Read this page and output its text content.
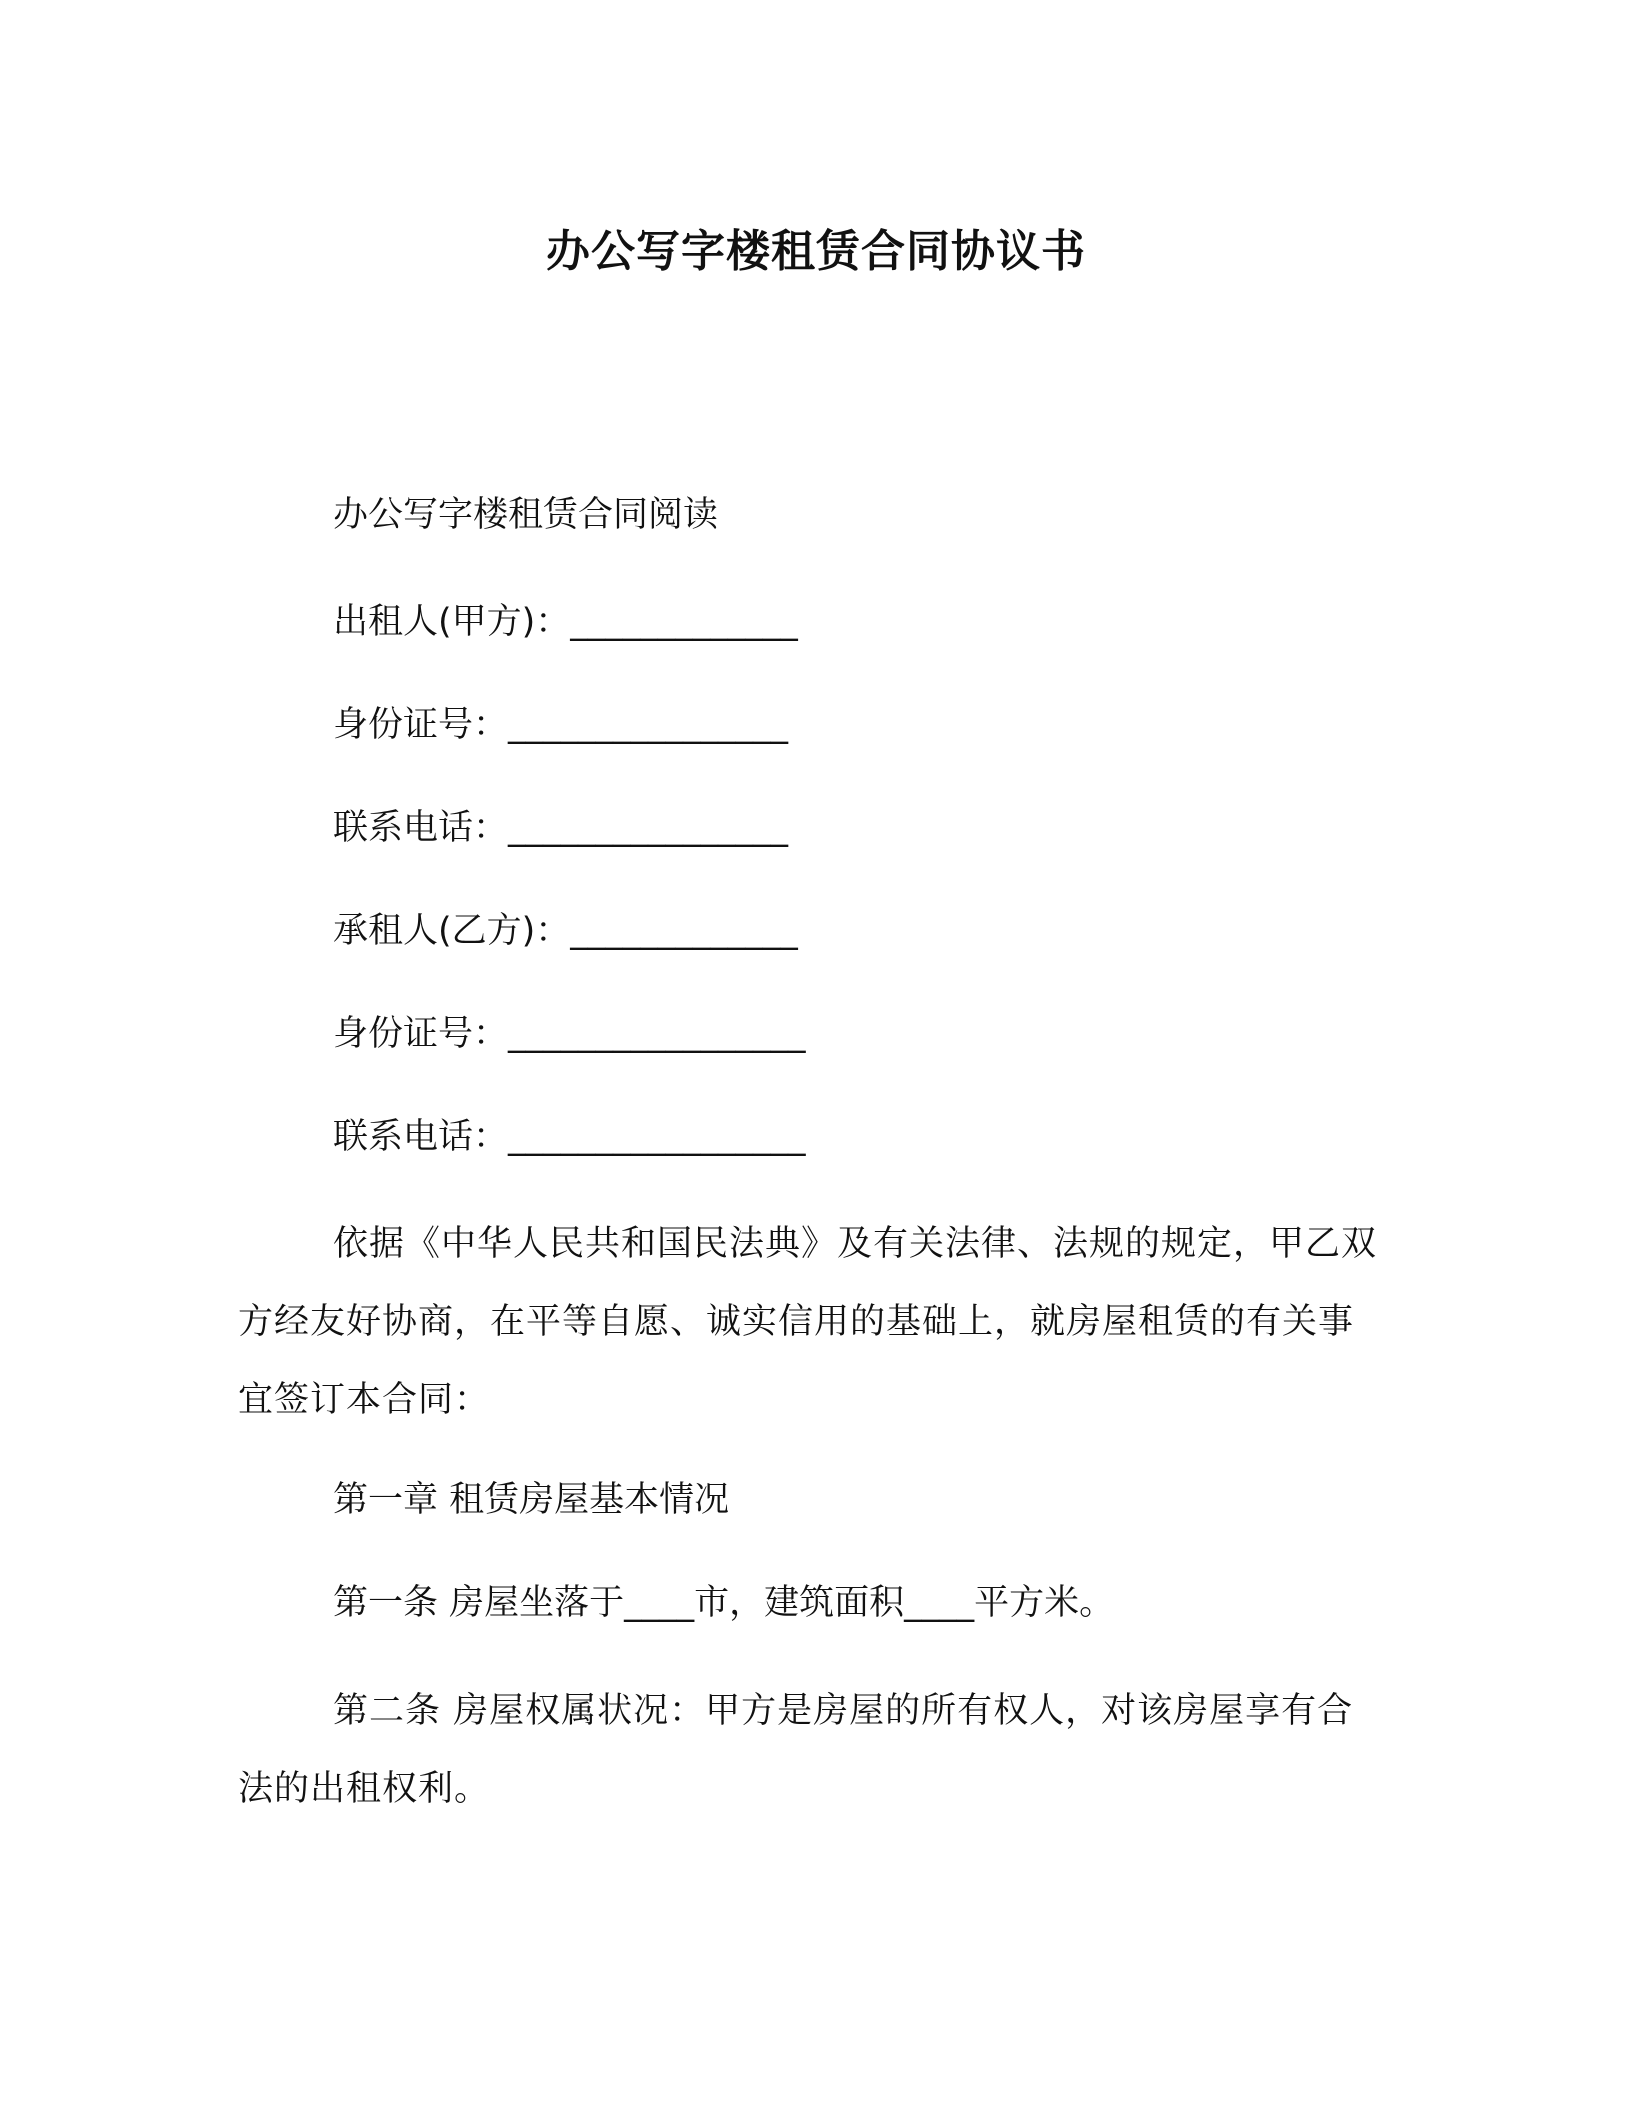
办公写字楼租赁合同协议书
办公写字楼租赁合同阅读
出租人(甲方)：_____________
身份证号：________________
联系电话：________________
承租人(乙方)：_____________
身份证号：_________________
联系电话：_________________

依据《中华人民共和国民法典》及有关法律、法规的规定，甲乙双方经友好协商，在平等自愿、诚实信用的基础上，就房屋租赁的有关事宜签订本合同：

第一章 租赁房屋基本情况
第一条 房屋坐落于____市，建筑面积____平方米。

第二条 房屋权属状况：甲方是房屋的所有权人，对该房屋享有合法的出租权利。
